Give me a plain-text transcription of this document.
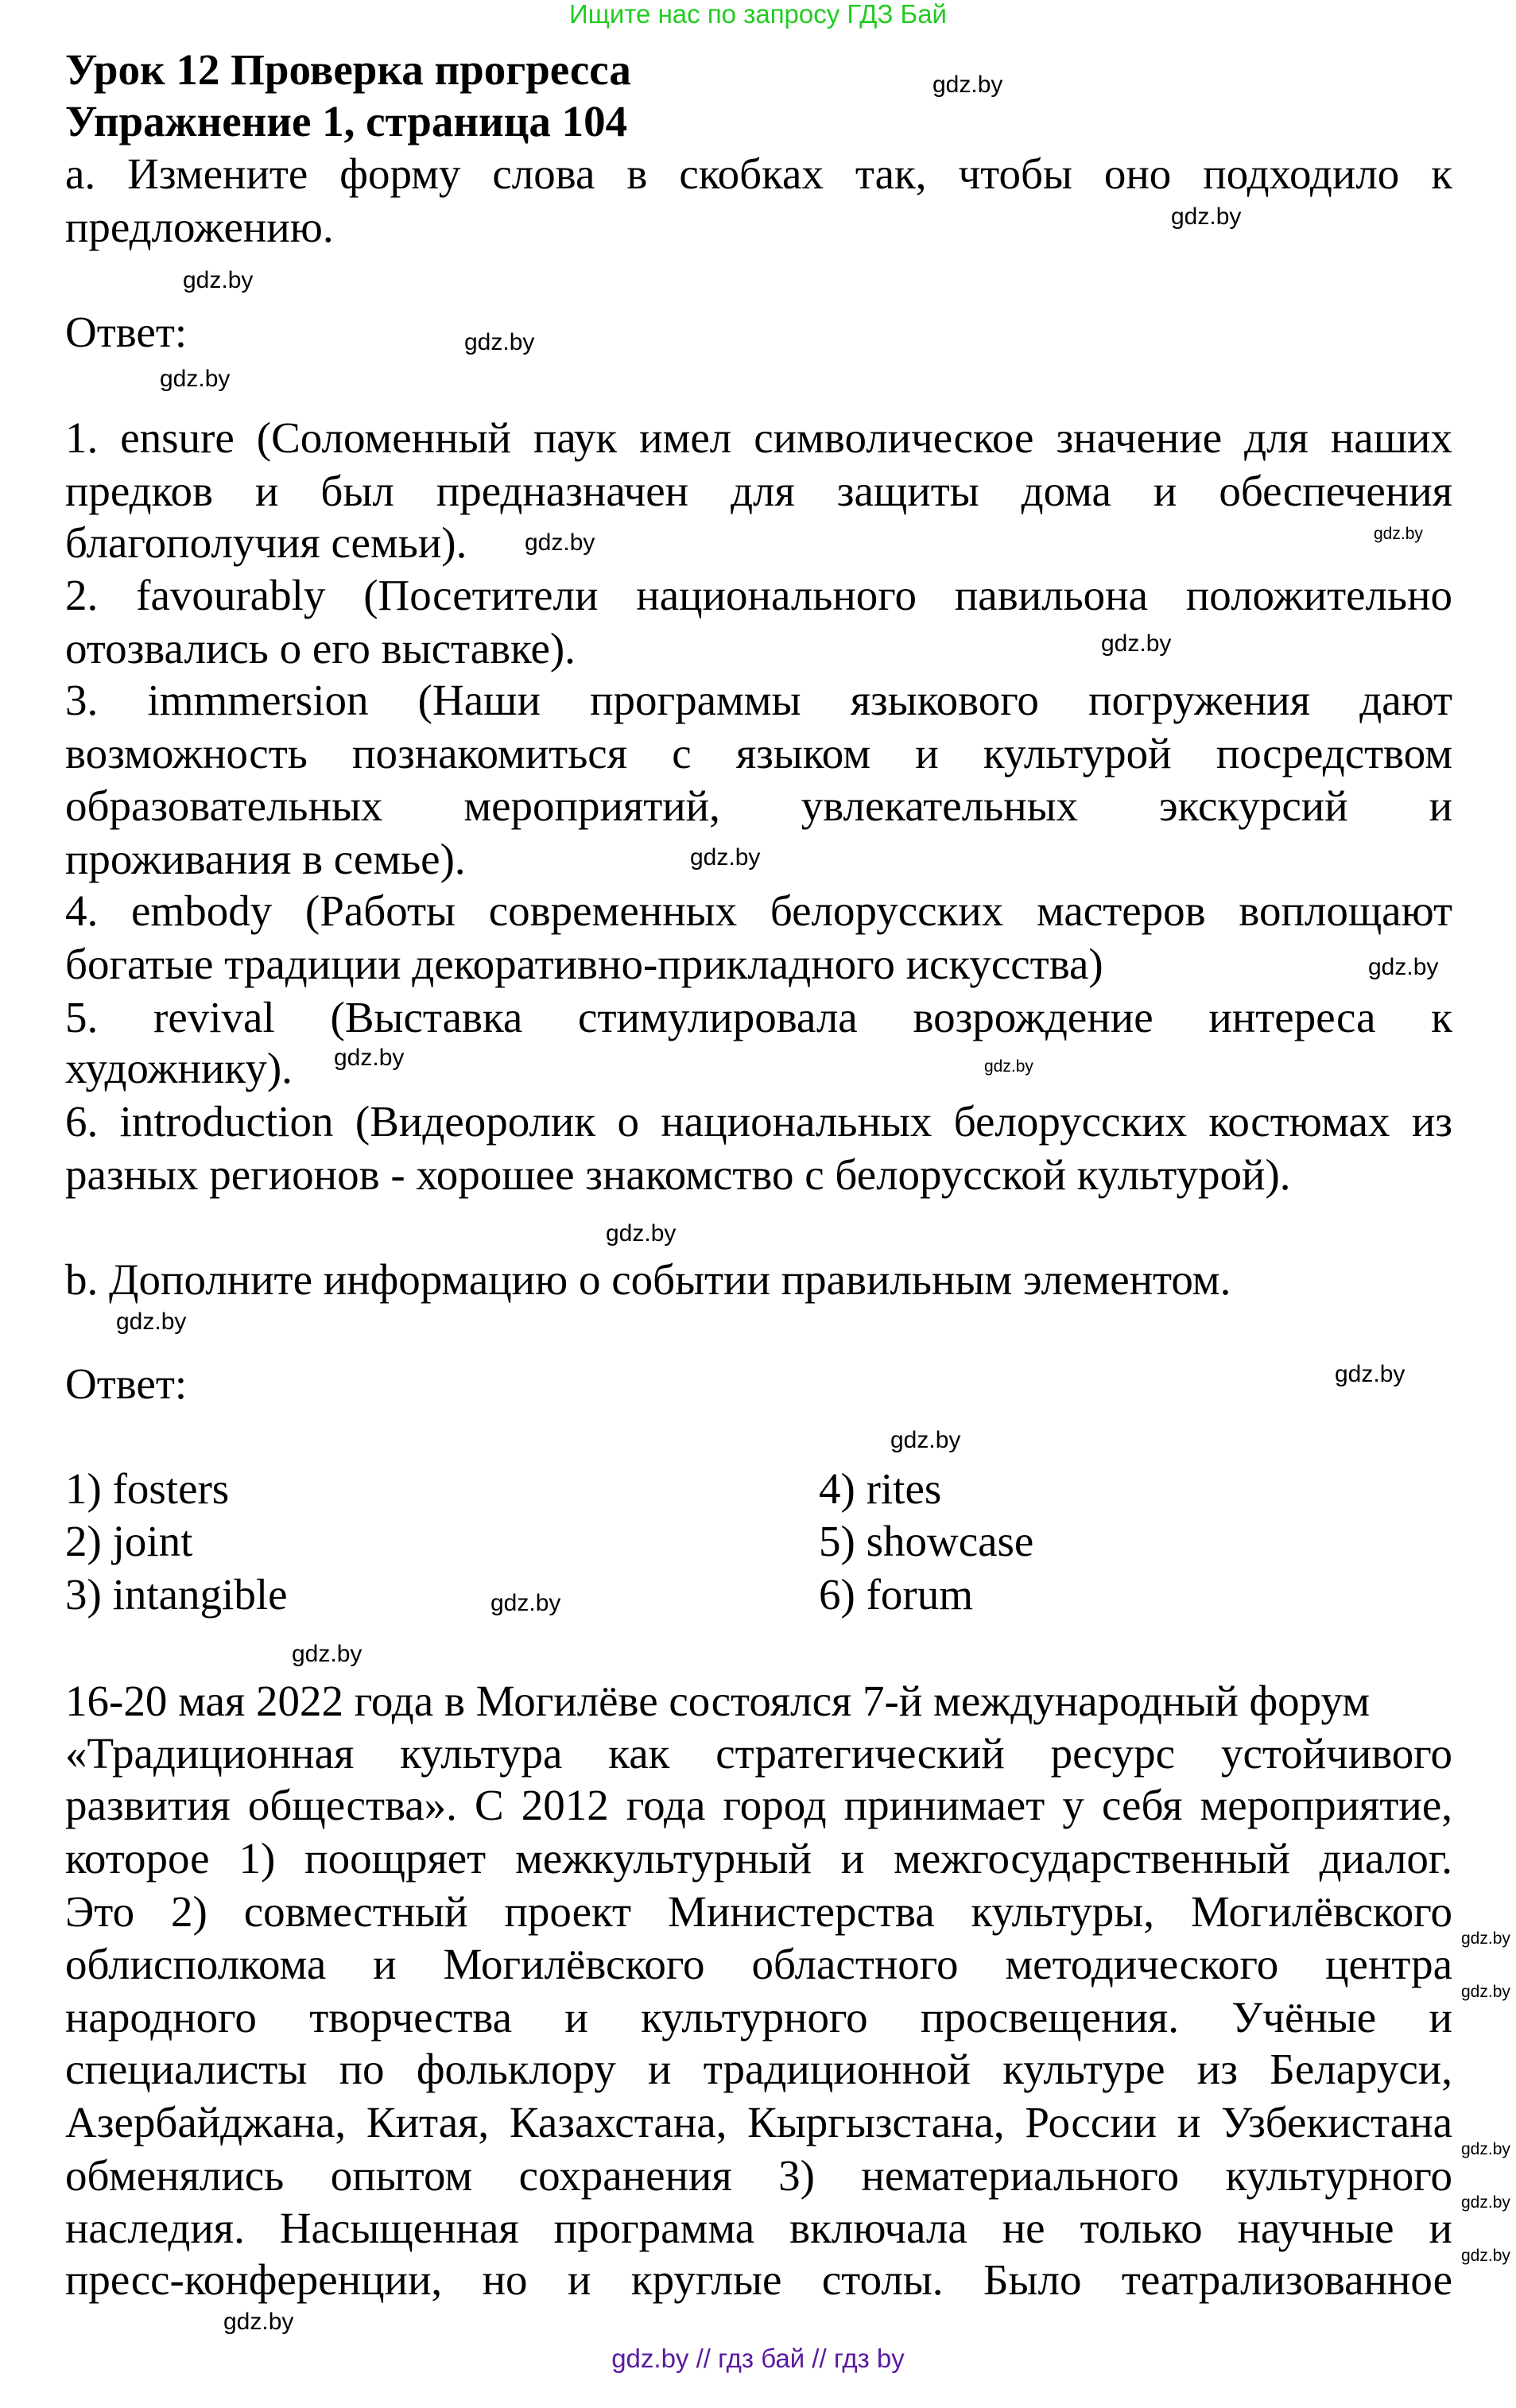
Ищите нас по запросу ГДЗ Бай
Урок 12 Проверка прогресса
Упражнение 1, страница 104
a. Измените форму слова в скобках так, чтобы оно подходило к
предложению.
Ответ:
1. ensure (Соломенный паук имел символическое значение для наших
предков и был предназначен для защиты дома и обеспечения
благополучия семьи).
2. favourably (Посетители национального павильона положительно
отозвались о его выставке).
3. immmersion (Наши программы языкового погружения дают
возможность познакомиться с языком и культурой посредством
образовательных мероприятий, увлекательных экскурсий и
проживания в семье).
4. embody (Работы современных белорусских мастеров воплощают
богатые традиции декоративно-прикладного искусства)
5. revival (Выставка стимулировала возрождение интереса к
художнику).
6. introduction (Видеоролик о национальных белорусских костюмах из
разных регионов - хорошее знакомство с белорусской культурой).
b. Дополните информацию о событии правильным элементом.
Ответ:
1) fosters
2) joint
3) intangible
4) rites
5) showcase
6) forum
16-20 мая 2022 года в Могилёве состоялся 7-й международный форум
«Традиционная культура как стратегический ресурс устойчивого
развития общества». С 2012 года город принимает у себя мероприятие,
которое 1) поощряет межкультурный и межгосударственный диалог.
Это 2) совместный проект Министерства культуры, Могилёвского
облисполкома и Могилёвского областного методического центра
народного творчества и культурного просвещения. Учёные и
специалисты по фольклору и традиционной культуре из Беларуси,
Азербайджана, Китая, Казахстана, Кыргызстана, России и Узбекистана
обменялись опытом сохранения 3) нематериального культурного
наследия. Насыщенная программа включала не только научные и
пресс-конференции, но и круглые столы. Было театрализованное
gdz.by
gdz.by
gdz.by
gdz.by
gdz.by
gdz.by
gdz.by
gdz.by
gdz.by
gdz.by
gdz.by	gdz.by
gdz.by
gdz.by
gdz.by
gdz.by
gdz.by
gdz.by
gdz.by
gdz.by
gdz.by
gdz.by
gdz.by
gdz.by
gdz.by // гдз бай // гдз by
